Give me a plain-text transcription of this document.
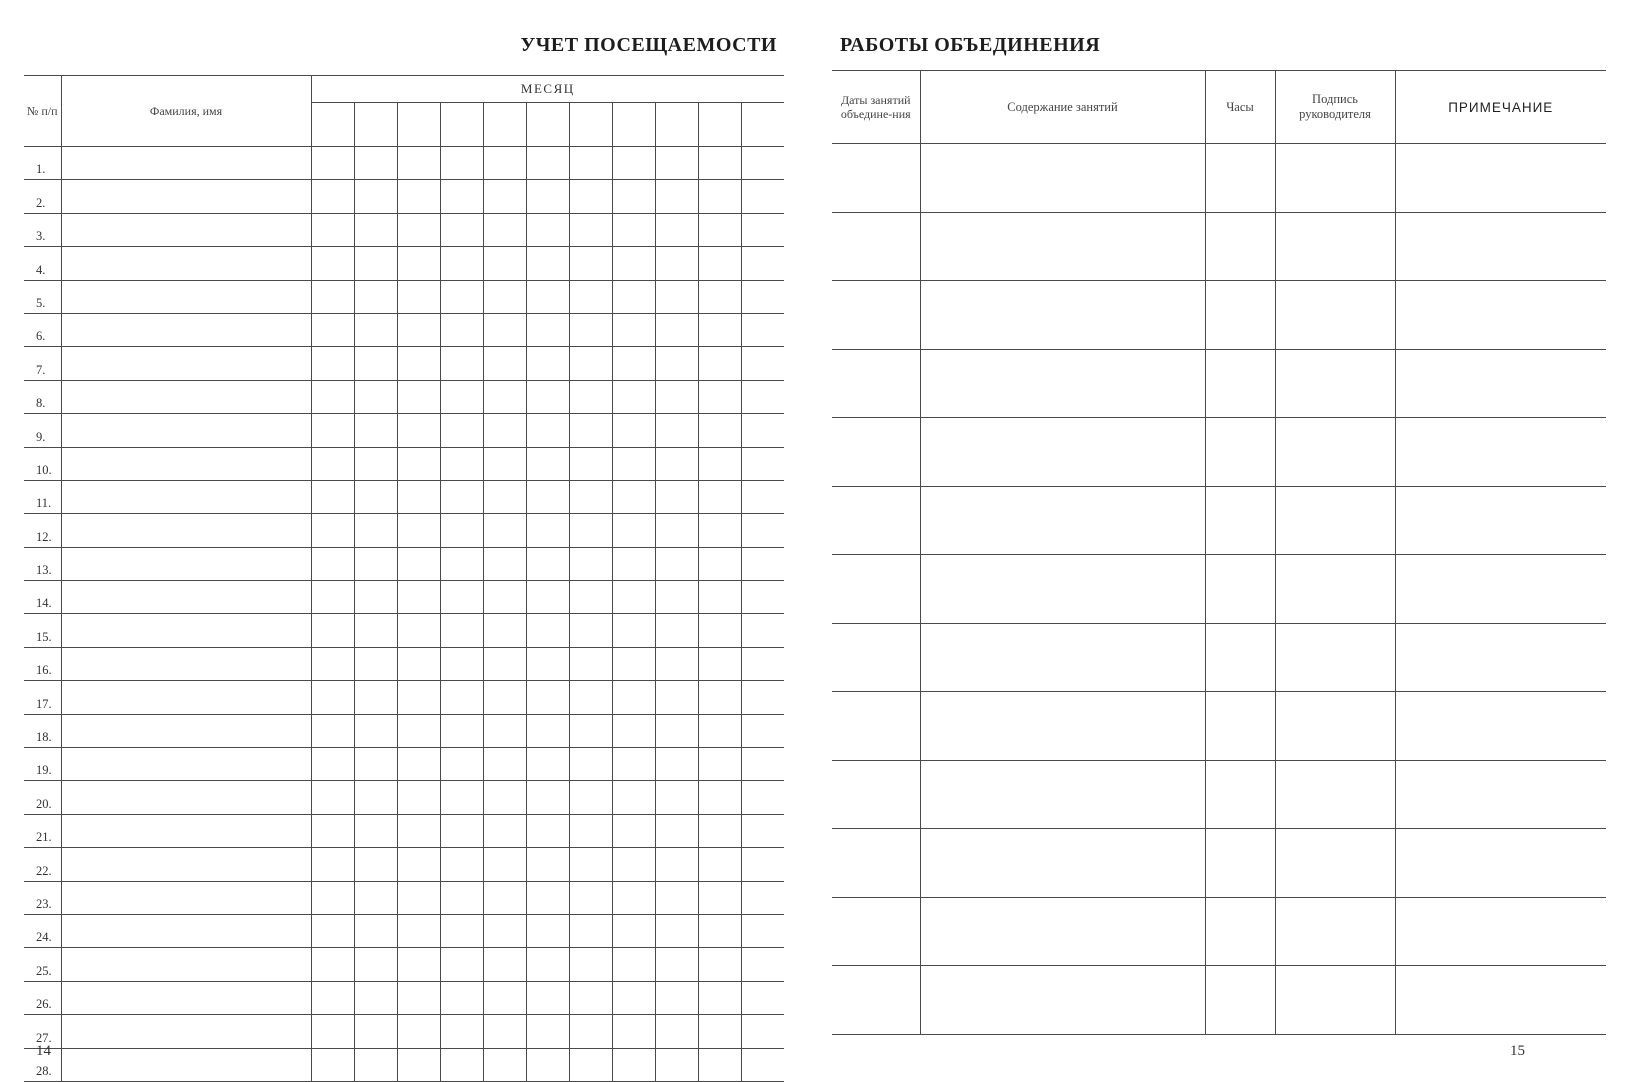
УЧЕТ ПОСЕЩАЕМОСТИ
№ п/п	Фамилия, имя	МЕСЯЦ										

1.												
2.												
3.												
4.												
5.												
6.												
7.												
8.												
9.												
10.												
11.												
12.												
13.												
14.												
15.												
16.												
17.												
18.												
19.												
20.												
21.												
22.												
23.												
24.												
25.												
26.												
27.												
28.												
14
РАБОТЫ ОБЪЕДИНЕНИЯ
Даты занятий объедине-ния	Содержание занятий	Часы	Подпись руководителя	ПРИМЕЧАНИЕ

15
